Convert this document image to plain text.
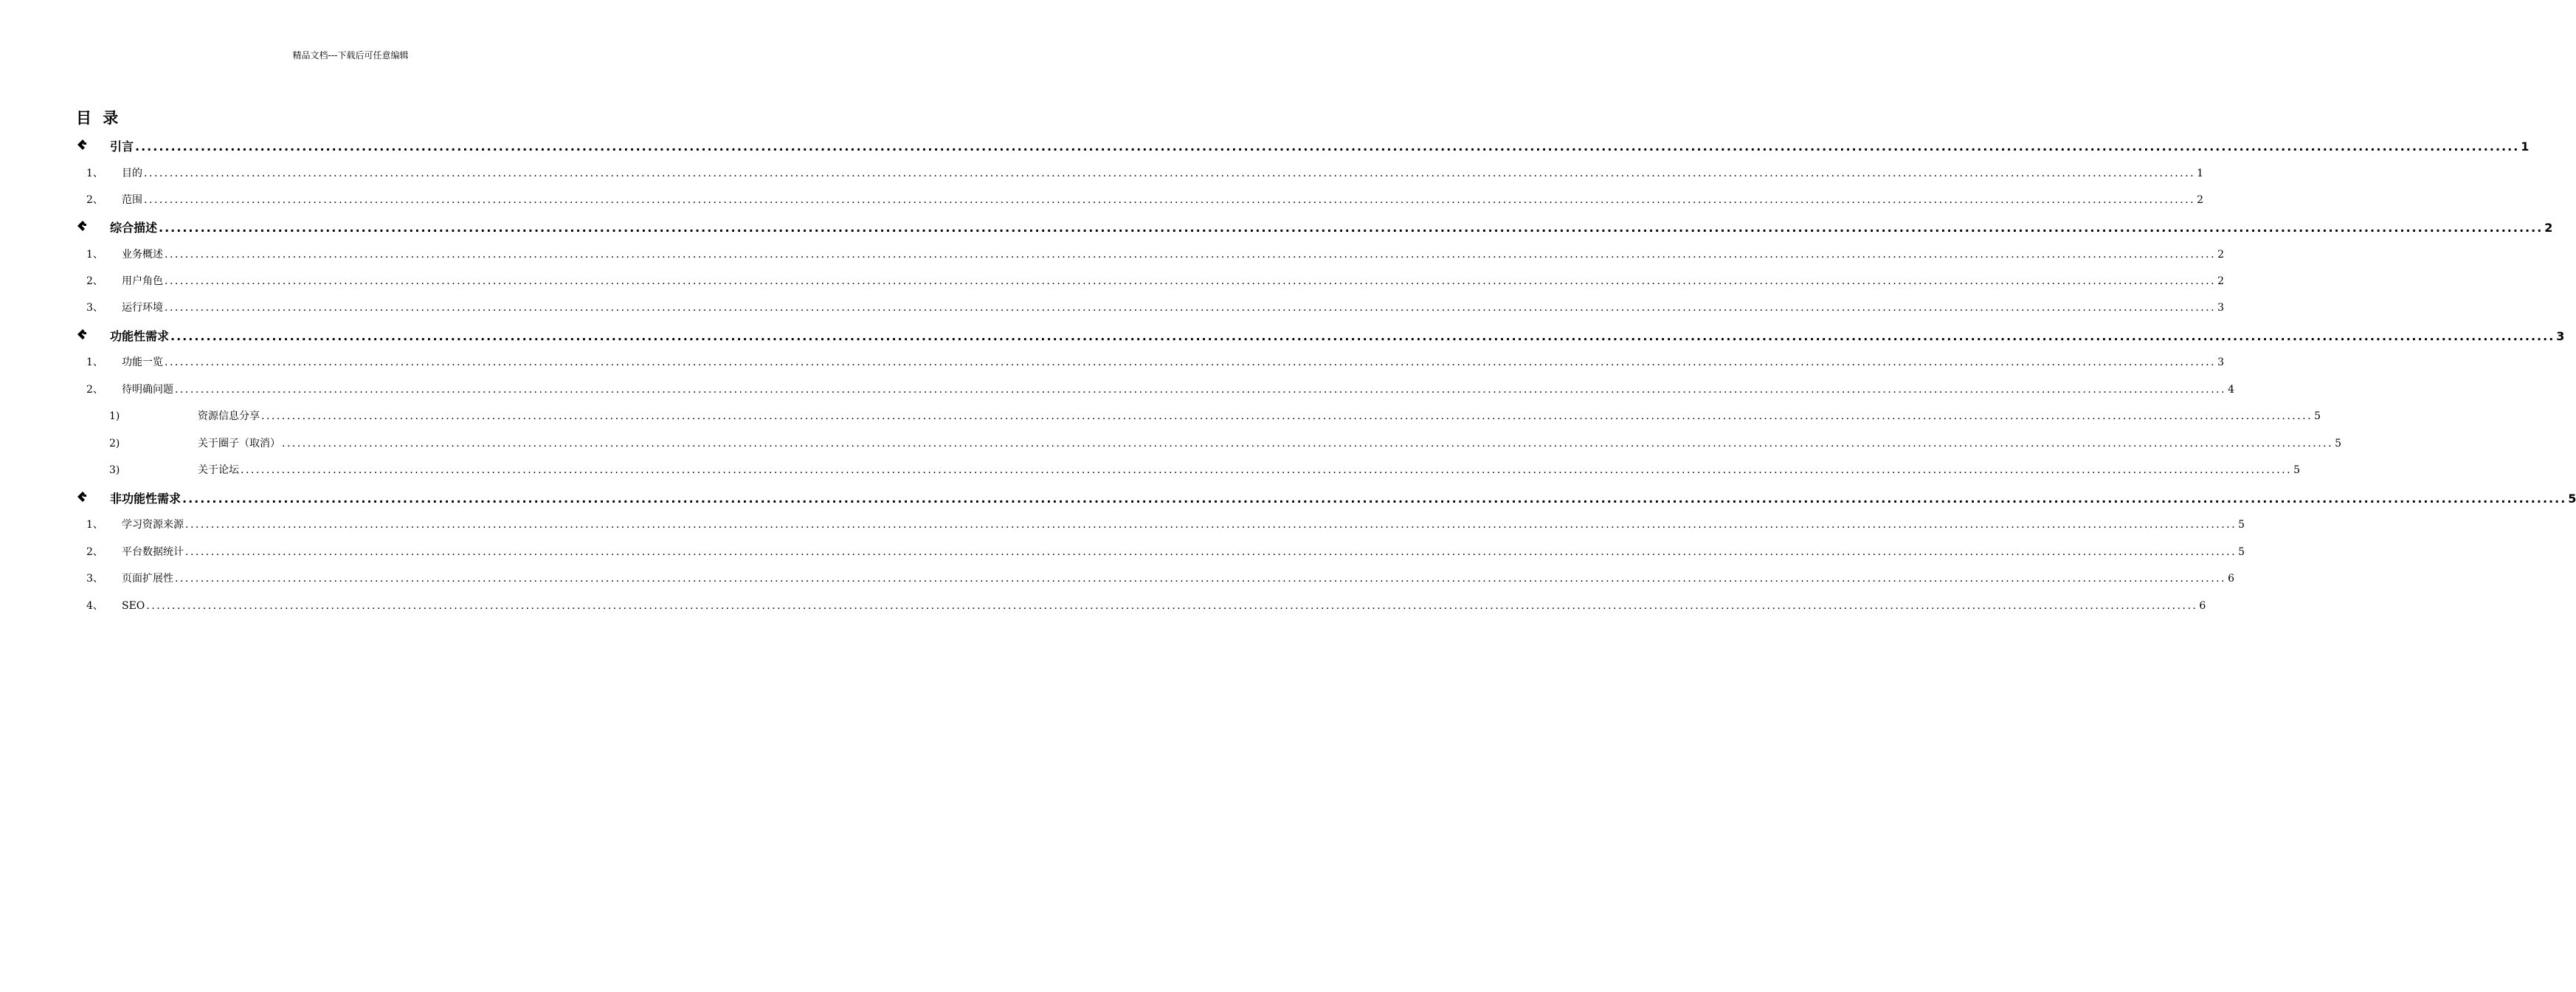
精品文档---下载后可任意编辑
目 录
引言 ................................................................................................................................................................................................................................................................................................................................................................................................................ 1
1、	目的 ................................................................................................................................................................................................................................................................................................................................................................................................................ 1
2、	范围 ................................................................................................................................................................................................................................................................................................................................................................................................................ 2
综合描述 ................................................................................................................................................................................................................................................................................................................................................................................................................ 2
1、	业务概述 ................................................................................................................................................................................................................................................................................................................................................................................................................ 2
2、	用户角色 ................................................................................................................................................................................................................................................................................................................................................................................................................ 2
3、	运行环境 ................................................................................................................................................................................................................................................................................................................................................................................................................ 3
功能性需求 ................................................................................................................................................................................................................................................................................................................................................................................................................ 3
1、	功能一览 ................................................................................................................................................................................................................................................................................................................................................................................................................ 3
2、	待明确问题 ................................................................................................................................................................................................................................................................................................................................................................................................................ 4
1)	资源信息分享 ................................................................................................................................................................................................................................................................................................................................................................................................................ 5
2)	关于圈子（取消） ................................................................................................................................................................................................................................................................................................................................................................................................................ 5
3)	关于论坛 ................................................................................................................................................................................................................................................................................................................................................................................................................ 5
非功能性需求 ................................................................................................................................................................................................................................................................................................................................................................................................................ 5
1、	学习资源来源 ................................................................................................................................................................................................................................................................................................................................................................................................................ 5
2、	平台数据统计 ................................................................................................................................................................................................................................................................................................................................................................................................................ 5
3、	页面扩展性 ................................................................................................................................................................................................................................................................................................................................................................................................................ 6
4、	SEO ................................................................................................................................................................................................................................................................................................................................................................................................................ 6
